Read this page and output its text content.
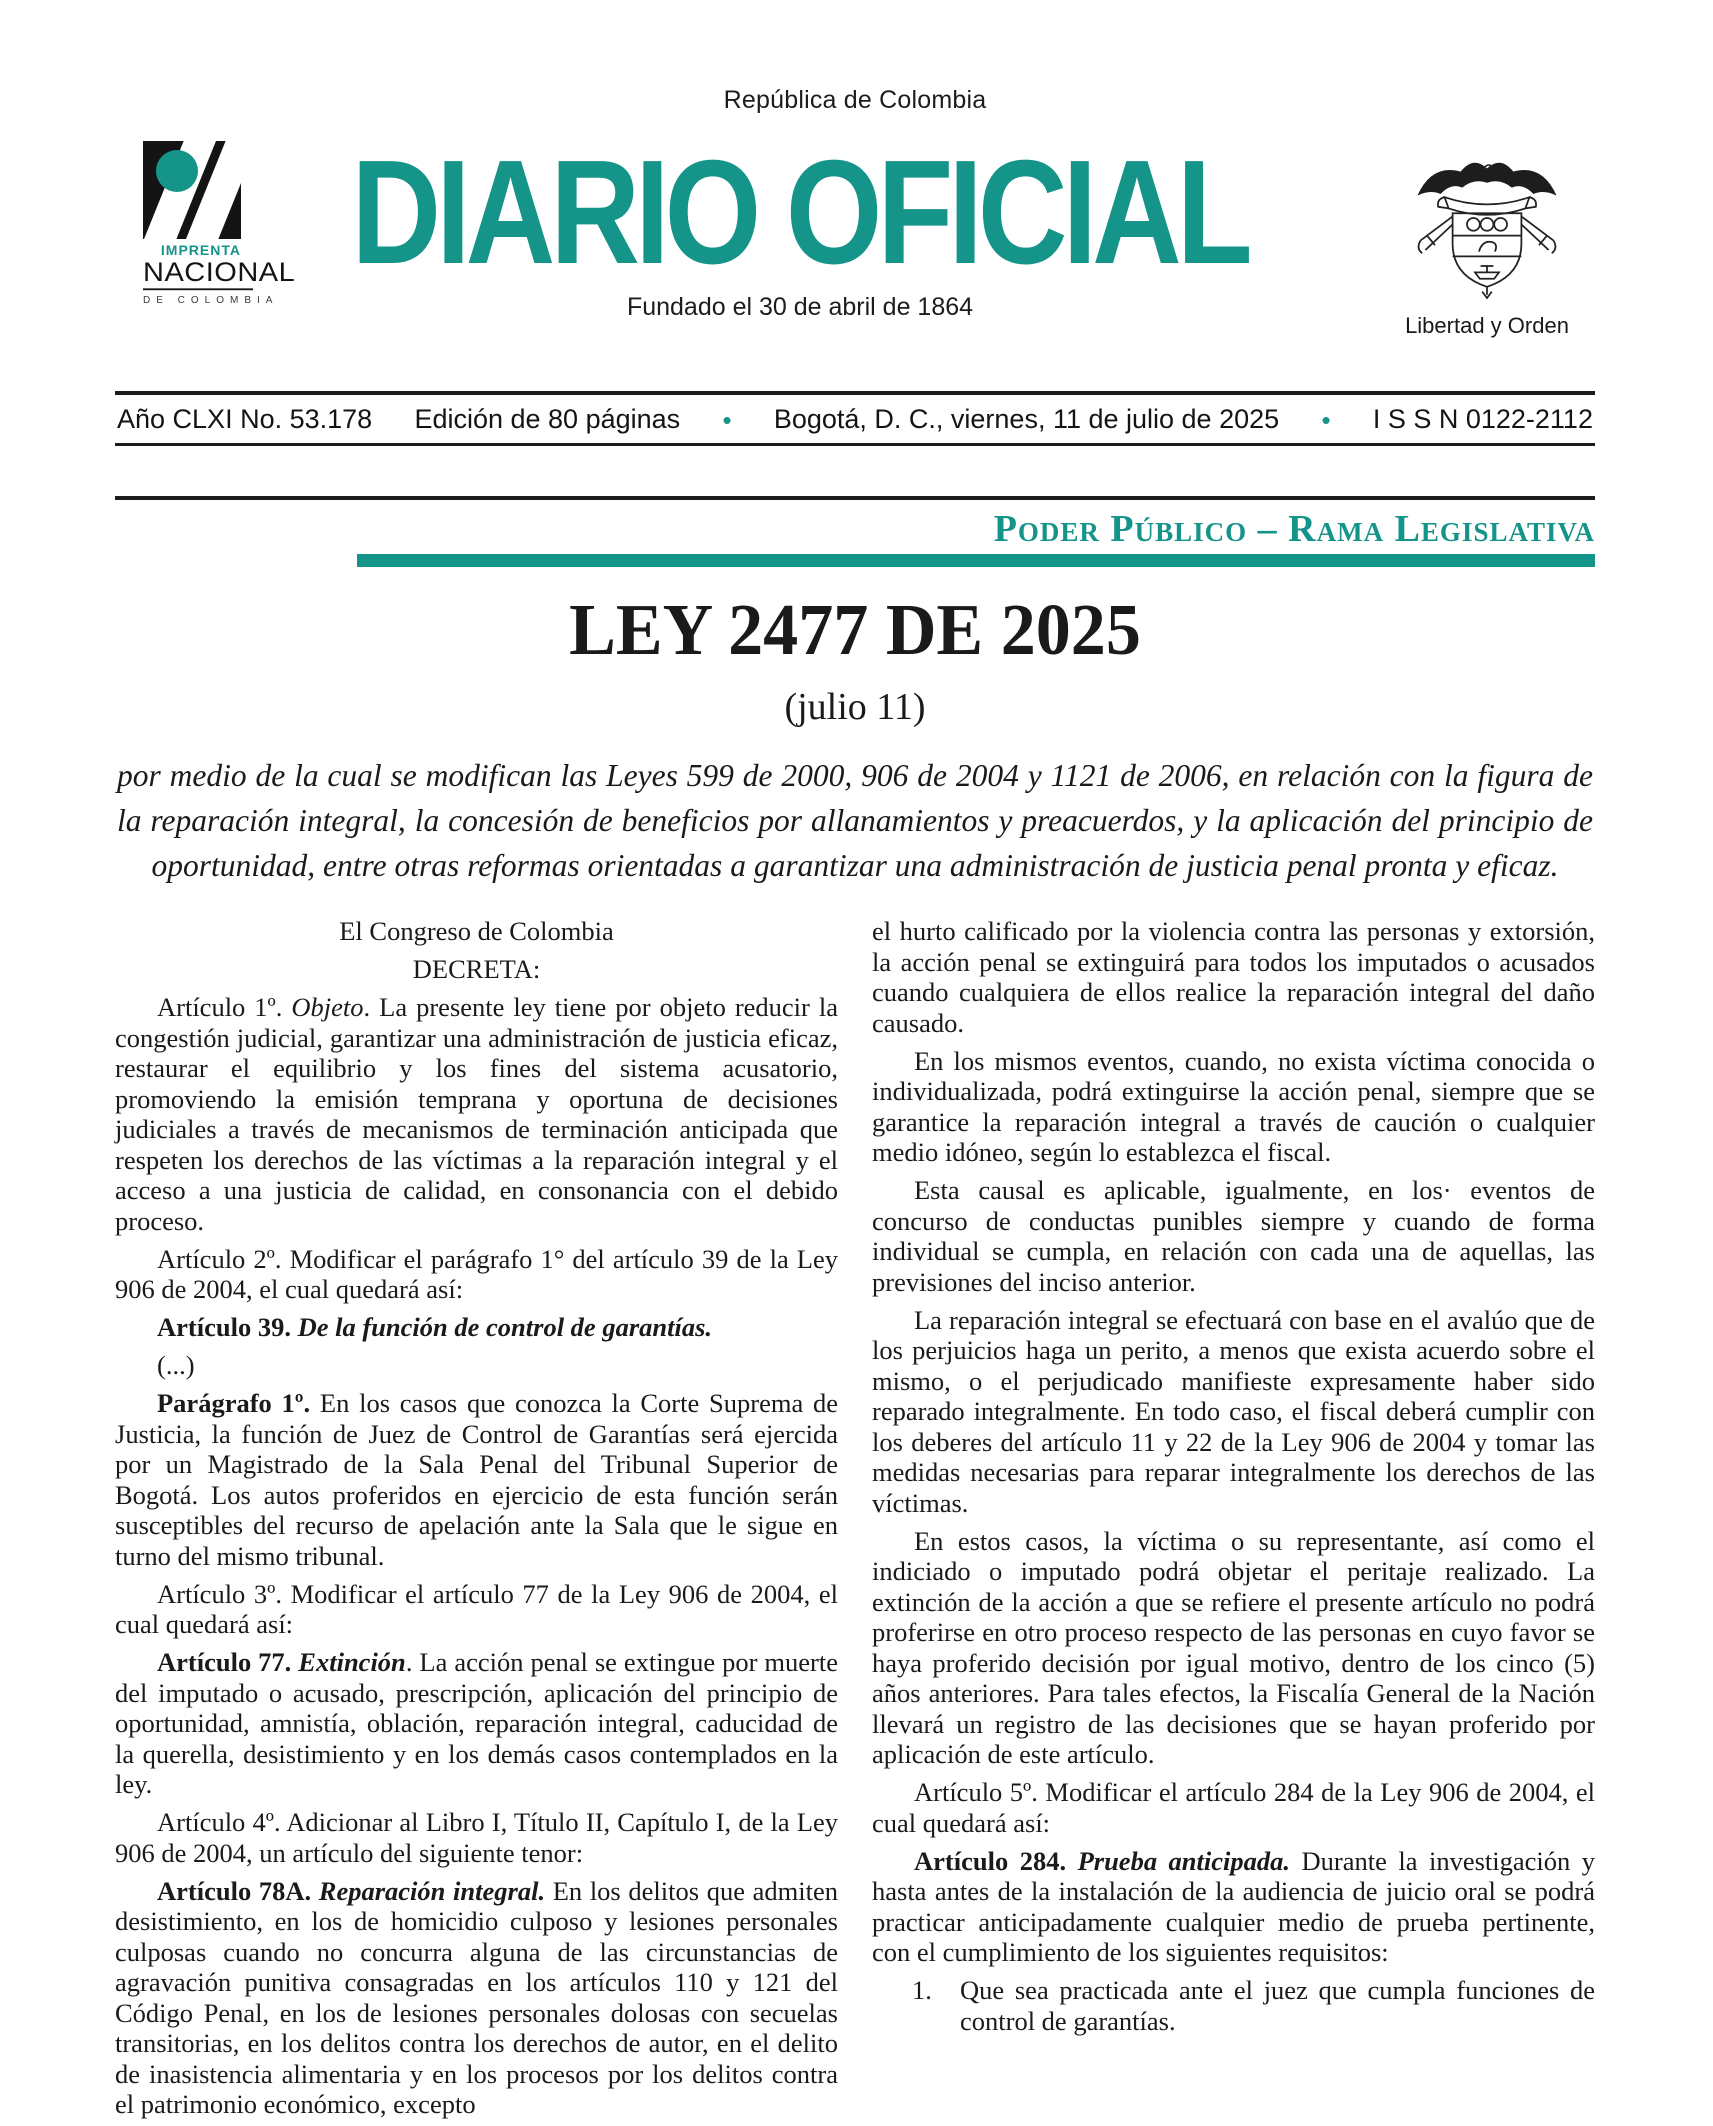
República de Colombia
IMPRENTA
NACIONAL
DE COLOMBIA
DIARIO OFICIAL
Fundado el 30 de abril de 1864
Libertad y Orden
Año CLXI No. 53.178 Edición de 80 páginas • Bogotá, D. C., viernes, 11 de julio de 2025 • I S S N 0122-2112
Poder Público – Rama Legislativa
LEY 2477 DE 2025
(julio 11)

por medio de la cual se modifican las Leyes 599 de 2000, 906 de 2004 y 1121 de 2006, en relación con la figura de la reparación integral, la concesión de beneficios por allanamientos y preacuerdos, y la aplicación del principio de oportunidad, entre otras reformas orientadas a garantizar una administración de justicia penal pronta y eficaz.

El Congreso de Colombia

DECRETA:

Artículo 1º. Objeto. La presente ley tiene por objeto reducir la congestión judicial, garantizar una administración de justicia eficaz, restaurar el equilibrio y los fines del sistema acusatorio, promoviendo la emisión temprana y oportuna de decisiones judiciales a través de mecanismos de terminación anticipada que respeten los derechos de las víctimas a la reparación integral y el acceso a una justicia de calidad, en consonancia con el debido proceso.

Artículo 2º. Modificar el parágrafo 1° del artículo 39 de la Ley 906 de 2004, el cual quedará así:

Artículo 39. De la función de control de garantías.

(...)

Parágrafo 1º. En los casos que conozca la Corte Suprema de Justicia, la función de Juez de Control de Garantías será ejercida por un Magistrado de la Sala Penal del Tribunal Superior de Bogotá. Los autos proferidos en ejercicio de esta función serán susceptibles del recurso de apelación ante la Sala que le sigue en turno del mismo tribunal.

Artículo 3º. Modificar el artículo 77 de la Ley 906 de 2004, el cual quedará así:

Artículo 77. Extinción. La acción penal se extingue por muerte del imputado o acusado, prescripción, aplicación del principio de oportunidad, amnistía, oblación, reparación integral, caducidad de la querella, desistimiento y en los demás casos contemplados en la ley.

Artículo 4º. Adicionar al Libro I, Título II, Capítulo I, de la Ley 906 de 2004, un artículo del siguiente tenor:

Artículo 78A. Reparación integral. En los delitos que admiten desistimiento, en los de homicidio culposo y lesiones personales culposas cuando no concurra alguna de las circunstancias de agravación punitiva consagradas en los artículos 110 y 121 del Código Penal, en los de lesiones personales dolosas con secuelas transitorias, en los delitos contra los derechos de autor, en el delito de inasistencia alimentaria y en los procesos por los delitos contra el patrimonio económico, excepto

el hurto calificado por la violencia contra las personas y extorsión, la acción penal se extinguirá para todos los imputados o acusados cuando cualquiera de ellos realice la reparación integral del daño causado.

En los mismos eventos, cuando, no exista víctima conocida o individualizada, podrá extinguirse la acción penal, siempre que se garantice la reparación integral a través de caución o cualquier medio idóneo, según lo establezca el fiscal.

Esta causal es aplicable, igualmente, en los· eventos de concurso de conductas punibles siempre y cuando de forma individual se cumpla, en relación con cada una de aquellas, las previsiones del inciso anterior.

La reparación integral se efectuará con base en el avalúo que de los perjuicios haga un perito, a menos que exista acuerdo sobre el mismo, o el perjudicado manifieste expresamente haber sido reparado integralmente. En todo caso, el fiscal deberá cumplir con los deberes del artículo 11 y 22 de la Ley 906 de 2004 y tomar las medidas necesarias para reparar integralmente los derechos de las víctimas.

En estos casos, la víctima o su representante, así como el indiciado o imputado podrá objetar el peritaje realizado. La extinción de la acción a que se refiere el presente artículo no podrá proferirse en otro proceso respecto de las personas en cuyo favor se haya proferido decisión por igual motivo, dentro de los cinco (5) años anteriores. Para tales efectos, la Fiscalía General de la Nación llevará un registro de las decisiones que se hayan proferido por aplicación de este artículo.

Artículo 5º. Modificar el artículo 284 de la Ley 906 de 2004, el cual quedará así:

Artículo 284. Prueba anticipada. Durante la investigación y hasta antes de la instalación de la audiencia de juicio oral se podrá practicar anticipadamente cualquier medio de prueba pertinente, con el cumplimiento de los siguientes requisitos:

1. Que sea practicada ante el juez que cumpla funciones de control de garantías.
